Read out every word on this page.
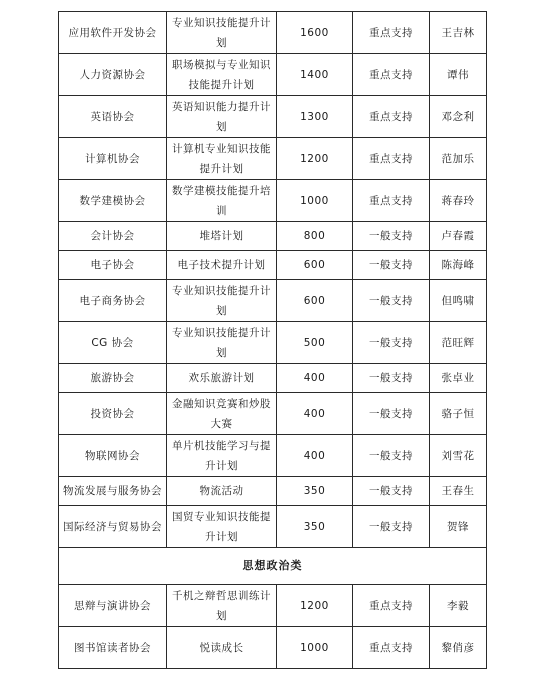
应用软件开发协会	专业知识技能提升计划	1600	重点支持	王吉林
人力资源协会	职场模拟与专业知识技能提升计划	1400	重点支持	谭伟
英语协会	英语知识能力提升计划	1300	重点支持	邓念利
计算机协会	计算机专业知识技能提升计划	1200	重点支持	范加乐
数学建模协会	数学建模技能提升培训	1000	重点支持	蒋春玲
会计协会	堆塔计划	800	一般支持	卢春霞
电子协会	电子技术提升计划	600	一般支持	陈海峰
电子商务协会	专业知识技能提升计划	600	一般支持	但鸣啸
CG 协会	专业知识技能提升计划	500	一般支持	范旺辉
旅游协会	欢乐旅游计划	400	一般支持	张卓业
投资协会	金融知识竞赛和炒股大赛	400	一般支持	骆子恒
物联网协会	单片机技能学习与提升计划	400	一般支持	刘雪花
物流发展与服务协会	物流活动	350	一般支持	王春生
国际经济与贸易协会	国贸专业知识技能提升计划	350	一般支持	贺锋
思想政治类				
思辩与演讲协会	千机之辩哲思训练计划	1200	重点支持	李毅
图书馆读者协会	悦读成长	1000	重点支持	黎俏彦
